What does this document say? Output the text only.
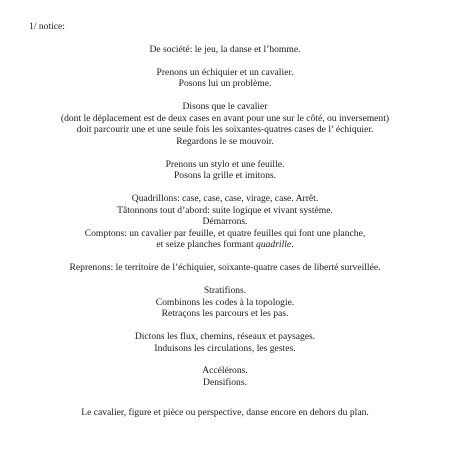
1/ notice:
De société: le jeu, la danse et l’homme.
Prenons un échiquier et un cavalier.
Posons lui un problème.
Disons que le cavalier
(dont le déplacement est de deux cases en avant pour une sur le côté, ou inversement)
doit parcourir une et une seule fois les soixantes-quatres cases de l’ échiquier.
Regardons le se mouvoir.
Prenons un stylo et une feuille.
Posons la grille et imitons.
Quadrillons: case, case, case, virage, case. Arrêt.
Tâtonnons tout d’abord: suite logique et vivant système.
Démarrons.
Comptons: un cavalier par feuille, et quatre feuilles qui font une planche,
et seize planches formant quadrille.
Reprenons: le territoire de l’échiquier, soixante-quatre cases de liberté surveillée.
Stratifions.
Combinons les codes à la topologie.
Retraçons les parcours et les pas.
Dictons les flux, chemins, réseaux et paysages.
Induisons les circulations, les gestes.
Accélérons.
Densifions.
Le cavalier, figure et pièce ou perspective, danse encore en dehors du plan.
